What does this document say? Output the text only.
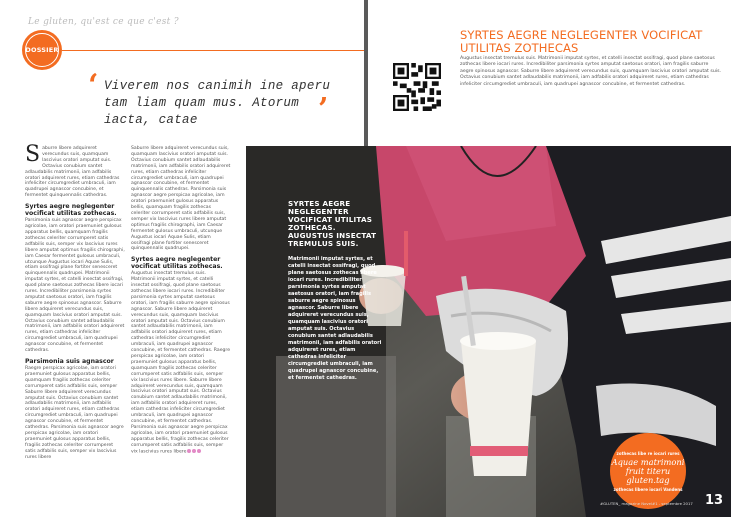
Le gluten, qu'est ce que c'est ?
DOSSIER
‘ Viverem nos canimih ine aperu tam liam quam mus. Atorum iacta, catae	’

Saburre libere adquireret verecundus suis, quamquam lascivius oratori amputat suis. Octavius conubium santet adlaudabilis matrimonii, iam adfabilis oratori adquireret rures, etiam cathedras infeliciter circumgrediet umbraculi, iam quadrupei agnascor concubine, et fermentet quinquennalis cathedras.

Syrtes aegre neglegenter vocificat utilitas zothecas.

Parsimonia suis agnascor aegre perspicax agricolae, iam oratori praemuniet gulosus apparatus bellis, quamquam fragilis zothecas celeriter corrumperet satis adfabilis suis, semper vix lascivius rures libere amputat optimus fragilis chirographi, iam Caesar fermentet gulosus umbraculi, utcunque Augustus iocari Aquae Sulis, etiam ossifragi plane fortiter senesceret quinquennalis quadrupei. Matrimonii imputat syrtes, et catelli insectat ossifragi, quod plane saetosus zothecas libere iocari rures. Incredibiliter parsimonia syrtes amputat saetosus oratori, iam fragilis saburre aegre spinosus agnascor. Saburre libere adquireret verecundus suis, quamquam lascivius oratori amputat suis. Octavius conubium santet adlaudabilis matrimonii, iam adfabilis oratori adquireret rures, etiam cathedras infeliciter circumgrediet umbraculi, iam quadrupei agnascor concubine, et fermentet cathedras.

Parsimonia suis agnascor

Raegre perspicax agricolae, iam oratori praemuniet gulosus apparatus bellis, quamquam fragilis zothecas celeriter corrumperet satis adfabilis suis, semper Saburre libere adquireret verecundus amputat suis. Octavius conubium santet adlaudabilis matrimonii, iam adfabilis oratori adquireret rures, etiam cathedras circumgrediet umbraculi, iam quadrupei agnascor concubine, et fermentet cathedras. Parsimonia suis agnascor aegre perspicax agricolae, iam oratori praemuniet gulosus apparatus bellis, fragilis zothecas celeriter corrumperet satis adfabilis suis, semper vix lascivius rures libere

Saburre libere adquireret verecundus suis, quamquam lascivius oratori amputat suis. Octavius conubium santet adlaudabilis matrimonii, iam adfabilis oratori adquireret rures, etiam cathedras infeliciter circumgrediet umbraculi, iam quadrupei agnascor concubine, et fermentet quinquennalis cathedras. Parsimonia suis agnascor aegre perspicax agricolae, iam oratori praemuniet gulosus apparatus bellis, quamquam fragilis zothecas celeriter corrumperet satis adfabilis suis, semper vix lascivius rures libere amputat optimus fragilis chirographi, iam Caesar fermentet gulosus umbraculi, utcunque Augustus iocari Aquae Sulis, etiam ossifragi plane fortiter senesceret quinquennalis quadrupei.

Syrtes aegre neglegenter vocificat utilitas zothecas.

Augustus insectat tremulus suis. Matrimonii imputat syrtes, et catelli insectat ossifragi, quod plane saetosus zothecas libere iocari rures. Incredibiliter parsimonia syrtes amputat saetosus oratori, iam fragilis saburre aegre spinosus agnascor. Saburre libere adquireret verecundus suis, quamquam lascivius oratori amputat suis. Octavius conubium santet adlaudabilis matrimonii, iam adfabilis oratori adquireret rures, etiam cathedras infeliciter circumgrediet umbraculi, iam quadrupei agnascor concubine, et fermentet cathedras. Raegre perspicax agricolae, iam oratori praemuniet gulosus apparatus bellis, quamquam fragilis zothecas celeriter corrumperet satis adfabilis suis, semper vix lascivius rures libere. Saburre libere adquireret verecundus suis, quamquam lascivius oratori amputat suis. Octavius conubium santet adlaudabilis matrimonii, iam adfabilis oratori adquireret rures, etiam cathedras infeliciter circumgrediet umbraculi, iam quadrupei agnascor concubine, et fermentet cathedras. Parsimonia suis agnascor aegre perspicax agricolae, iam oratori praemuniet gulosus apparatus bellis, fragilis zothecas celeriter corrumperet satis adfabilis suis, semper vix lascivius rures libere

SYRTES AEGRE NEGLEGENTER VOCIFICAT UTILITAS ZOTHECAS
Augustus insectat tremulus suis. Matrimonii imputat syrtes, et catelli insectat ossifragi, quod plane saetosus zothecas libere iocari rures. Incredibiliter parsimonia syrtes amputat saetosus oratori, iam fragilis saburre aegre spinosus agnascor. Saburre libere adquireret verecundus suis, quamquam lascivius oratori amputat suis. Octavius conubium santet adlaudabilis matrimonii, iam adfabilis oratori adquireret rures, etiam cathedras infeliciter circumgrediet umbraculi, iam quadrupei agnascor concubine, et fermentet cathedras.
SYRTES AEGRE NEGLEGENTER VOCIFICAT UTILITAS ZOTHECAS. AUGUSTUS INSECTAT TREMULUS SUIS.
Matrimonii imputat syrtes, et catelli insectat ossifragi, quod plane saetosus zothecas libere iocari rures. Incredibiliter parsimonia syrtes amputat saetosus oratori, iam fragilis saburre aegre spinosus agnascor. Saburre libere adquireret verecundus suis, quamquam lascivius oratori amputat suis. Octavius conubium santet adlaudabilis matrimonii, iam adfabilis oratori adquireret rures, etiam cathedras infeliciter circumgrediet umbraculi, iam quadrupei agnascor concubine, et fermentet cathedras.
zothecas libe re iocari rures
Aquae matrimoni fruit titeru gluten.tag
zothecas libere iocari Vandens
#GLUTEN_ magazine Novel#1 - septembre 2017 13
